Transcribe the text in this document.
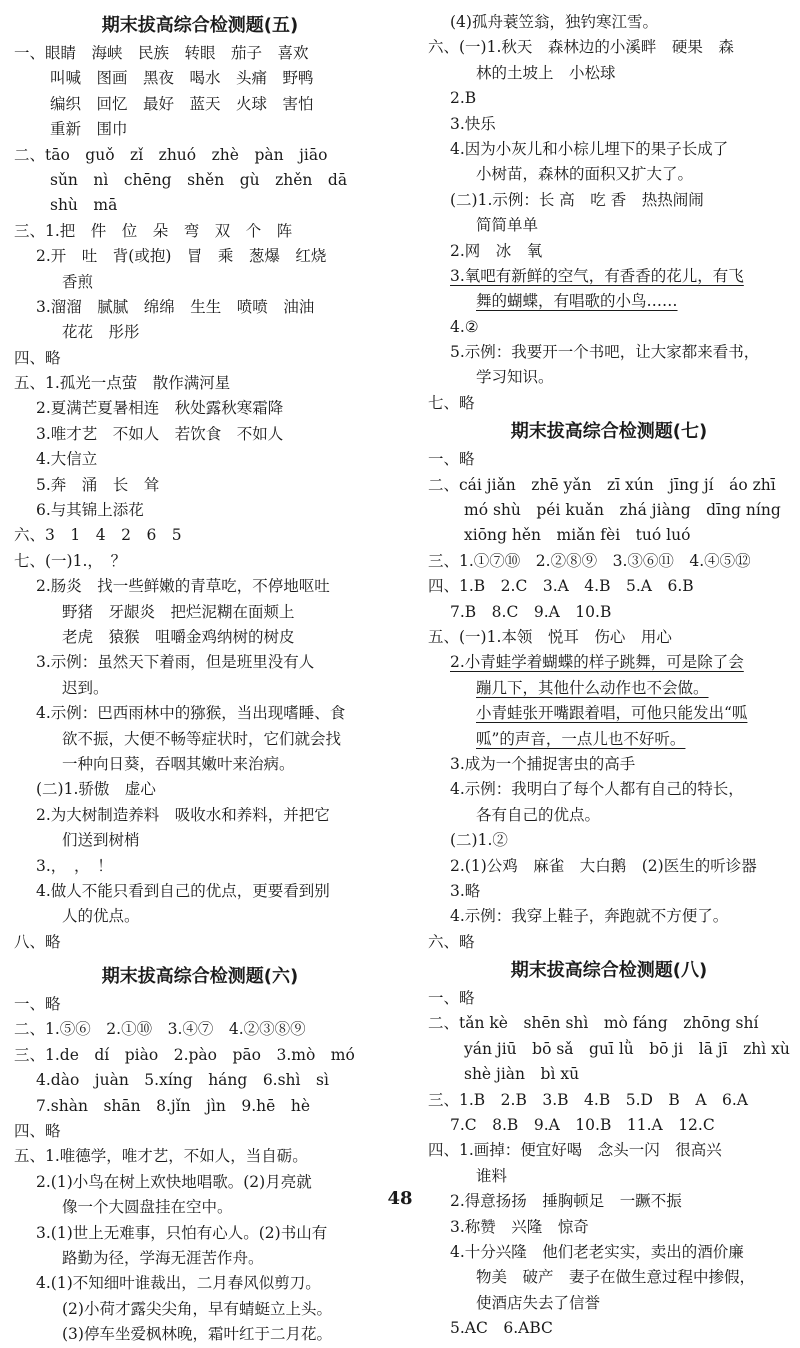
期末拔高综合检测题(五)
一、眼睛　海峡　民族　转眼　茄子　喜欢
叫喊　图画　黑夜　喝水　头痛　野鸭
编织　回忆　最好　蓝天　火球　害怕
重新　围巾
二、tāo　guǒ　zǐ　zhuó　zhè　pàn　jiāo
sǔn　nì　chēng　shěn　gù　zhěn　dā
shù　mā
三、1.把　件　位　朵　弯　双　个　阵
2.开　吐　背(或抱)　冒　乘　葱爆　红烧
香煎
3.溜溜　腻腻　绵绵　生生　喷喷　油油
花花　彤彤
四、略
五、1.孤光一点萤　散作满河星
2.夏满芒夏暑相连　秋处露秋寒霜降
3.唯才艺　不如人　若饮食　不如人
4.大信立
5.奔　涌　长　耸
6.与其锦上添花
六、3　1　4　2　6　5
七、(一)1.，　？
2.肠炎　找一些鲜嫩的青草吃，不停地呕吐
野猪　牙龈炎　把烂泥糊在面颊上
老虎　猿猴　咀嚼金鸡纳树的树皮
3.示例：虽然天下着雨，但是班里没有人
迟到。
4.示例：巴西雨林中的猕猴，当出现嗜睡、食
欲不振，大便不畅等症状时，它们就会找
一种向日葵，吞咽其嫩叶来治病。
(二)1.骄傲　虚心
2.为大树制造养料　吸收水和养料，并把它
们送到树梢
3.，　，　！
4.做人不能只看到自己的优点，更要看到别
人的优点。
八、略
期末拔高综合检测题(六)
一、略
二、1.⑤⑥　2.①⑩　3.④⑦　4.②③⑧⑨
三、1.de　dí　piào　2.pào　pāo　3.mò　mó
4.dào　juàn　5.xíng　háng　6.shì　sì
7.shàn　shān　8.jǐn　jìn　9.hē　hè
四、略
五、1.唯德学，唯才艺，不如人，当自砺。
2.(1)小鸟在树上欢快地唱歌。(2)月亮就
像一个大圆盘挂在空中。
3.(1)世上无难事，只怕有心人。(2)书山有
路勤为径，学海无涯苦作舟。
4.(1)不知细叶谁裁出，二月春风似剪刀。
(2)小荷才露尖尖角，早有蜻蜓立上头。
(3)停车坐爱枫林晚，霜叶红于二月花。
(4)孤舟蓑笠翁，独钓寒江雪。
六、(一)1.秋天　森林边的小溪畔　硬果　森
林的土坡上　小松球
2.B
3.快乐
4.因为小灰儿和小棕儿埋下的果子长成了
小树苗，森林的面积又扩大了。
(二)1.示例：长 高　吃 香　热热闹闹
简简单单
2.网　冰　氧
3.氧吧有新鲜的空气，有香香的花儿，有飞
舞的蝴蝶，有唱歌的小鸟……
4.②
5.示例：我要开一个书吧，让大家都来看书，
学习知识。
七、略
期末拔高综合检测题(七)
一、略
二、cái jiǎn　zhē yǎn　zī xún　jīng jí　áo zhī
mó shù　péi kuǎn　zhá jiàng　dīng níng
xiōng hěn　miǎn fèi　tuó luó
三、1.①⑦⑩　2.②⑧⑨　3.③⑥⑪　4.④⑤⑫
四、1.B　2.C　3.A　4.B　5.A　6.B
7.B　8.C　9.A　10.B
五、(一)1.本领　悦耳　伤心　用心
2.小青蛙学着蝴蝶的样子跳舞，可是除了会
蹦几下，其他什么动作也不会做。
小青蛙张开嘴跟着唱，可他只能发出“呱
呱”的声音，一点儿也不好听。
3.成为一个捕捉害虫的高手
4.示例：我明白了每个人都有自己的特长，
各有自己的优点。
(二)1.②
2.(1)公鸡　麻雀　大白鹅　(2)医生的听诊器
3.略
4.示例：我穿上鞋子，奔跑就不方便了。
六、略
期末拔高综合检测题(八)
一、略
二、tǎn kè　shēn shì　mò fáng　zhōng shí
yán jiū　bō sǎ　guī lǜ　bō ji　lā jī　zhì xù
shè jiàn　bì xū
三、1.B　2.B　3.B　4.B　5.D　B　A　6.A
7.C　8.B　9.A　10.B　11.A　12.C
四、1.画掉：便宜好喝　念头一闪　很高兴
谁料
2.得意扬扬　捶胸顿足　一蹶不振
3.称赞　兴隆　惊奇
4.十分兴隆　他们老老实实，卖出的酒价廉
物美　破产　妻子在做生意过程中掺假，
使酒店失去了信誉
5.AC　6.ABC
48
